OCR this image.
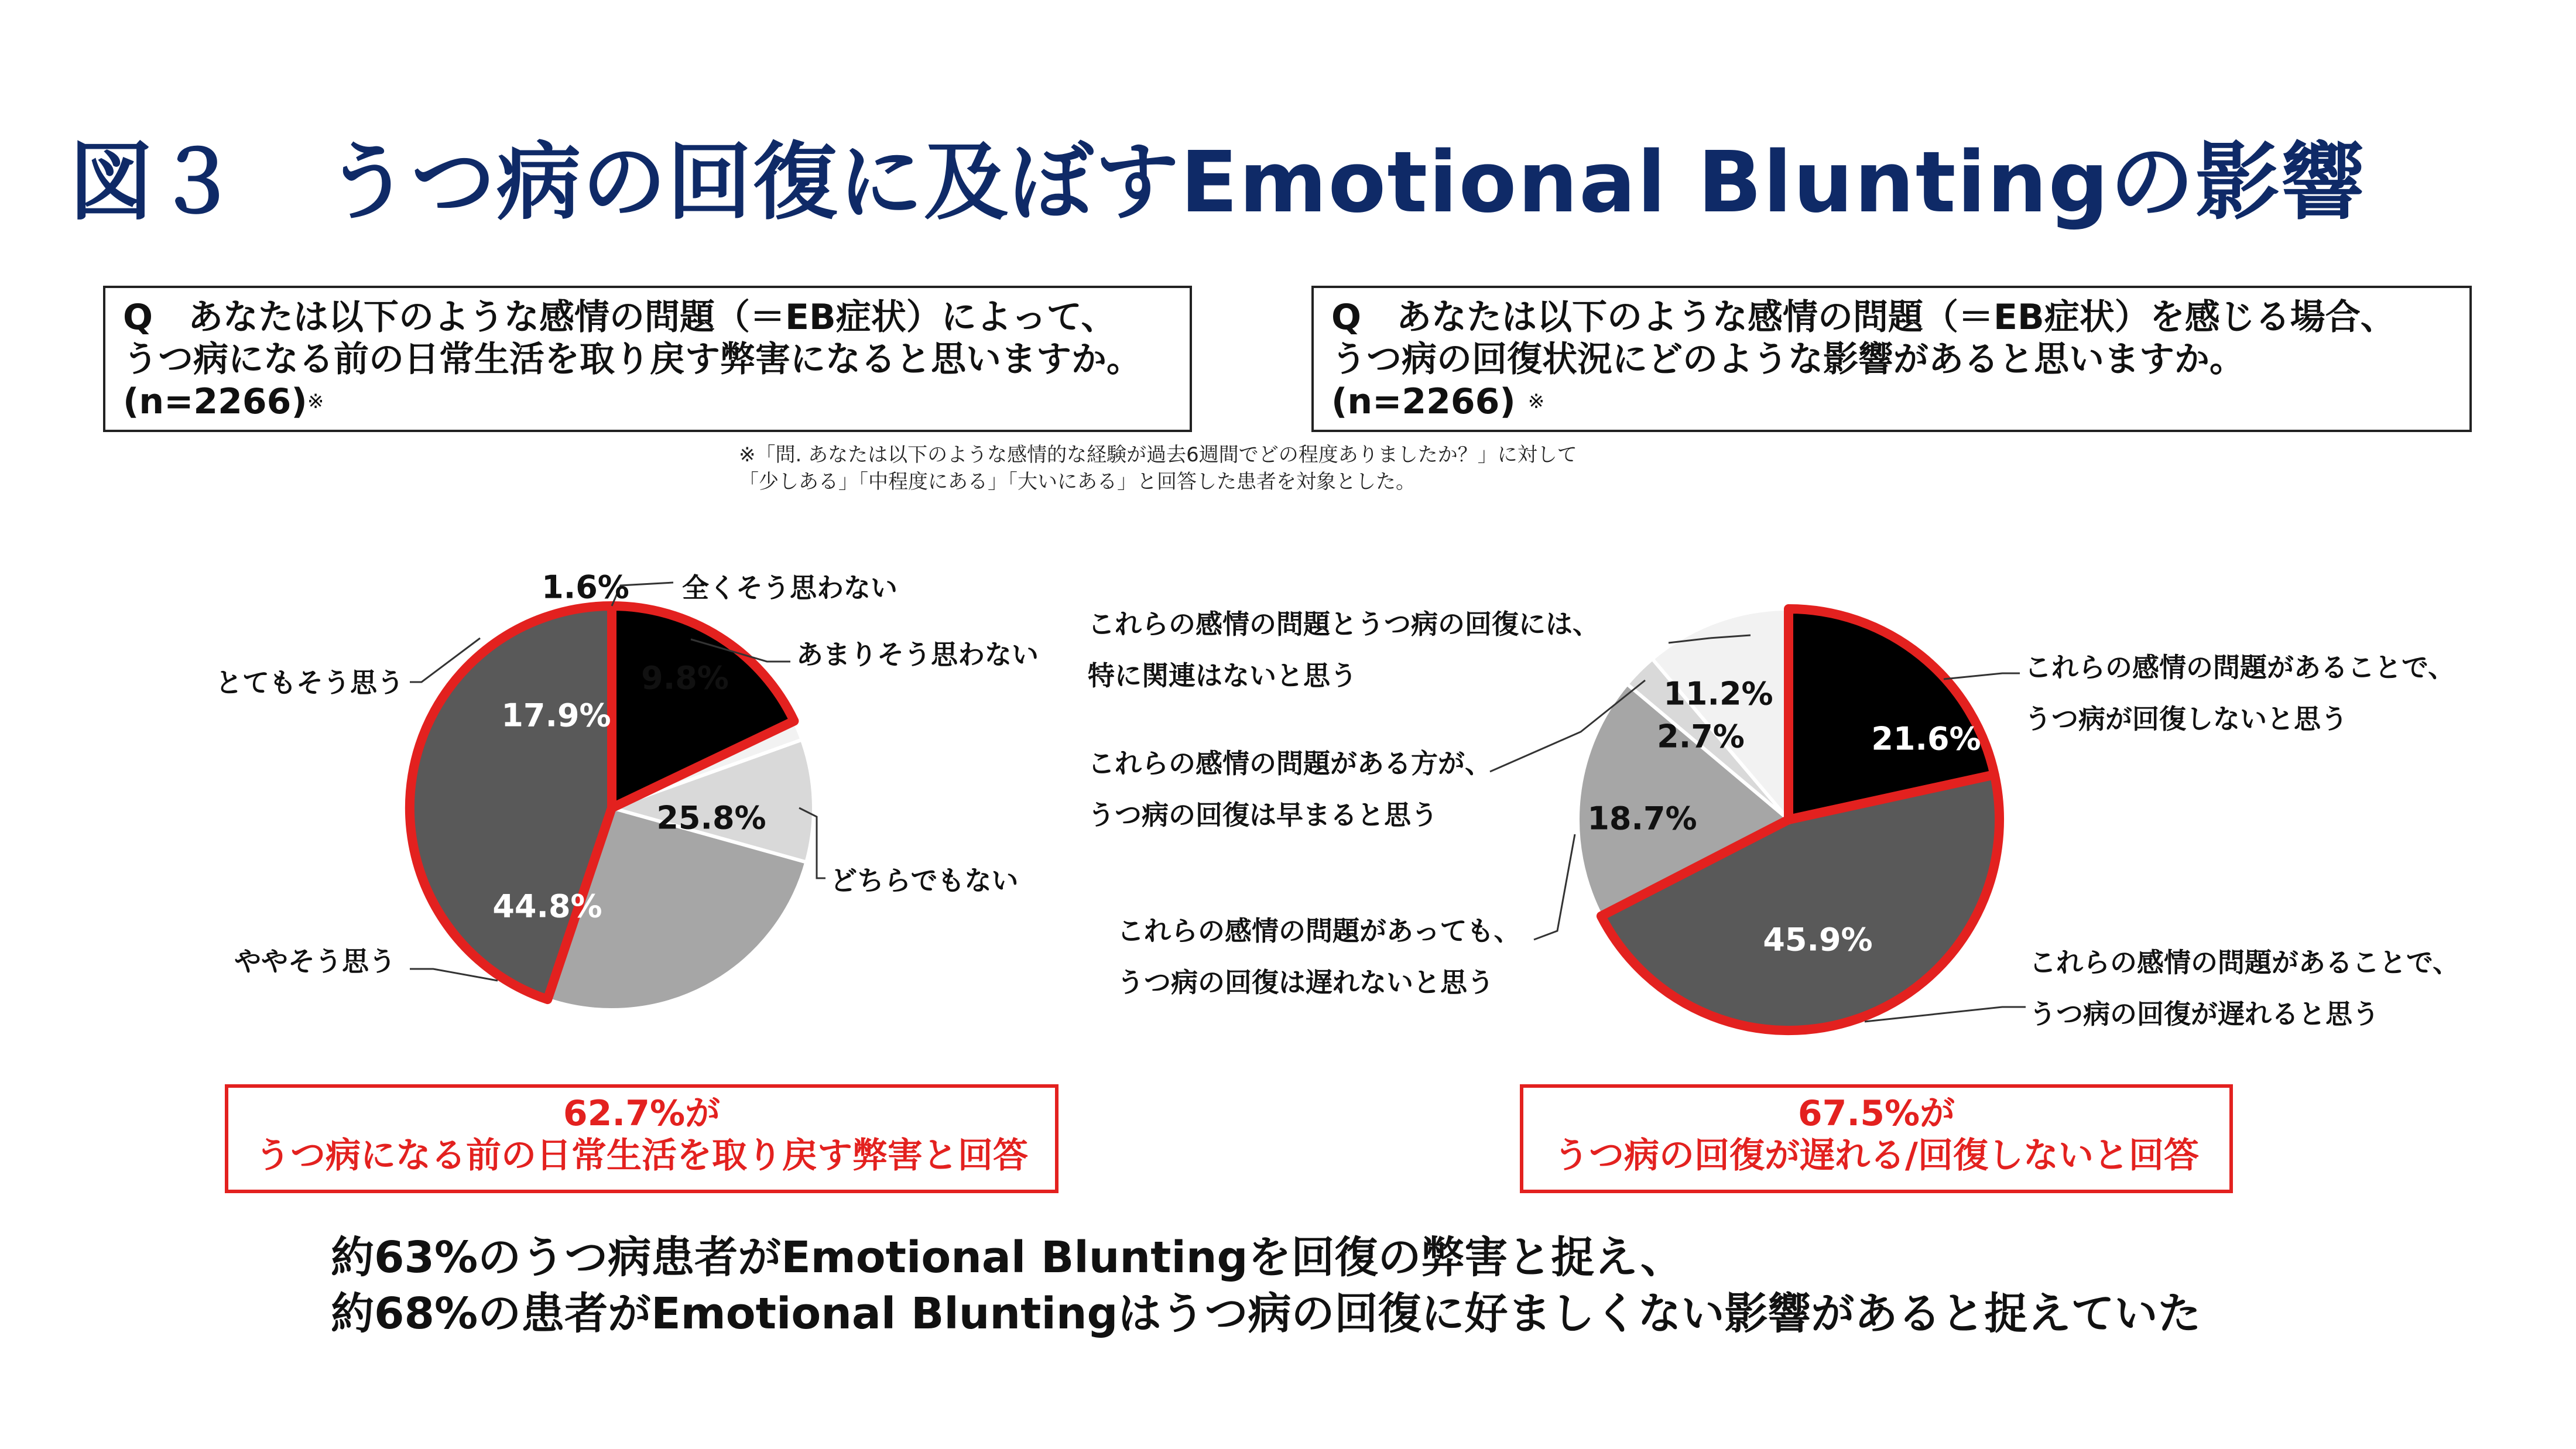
図３　うつ病の回復に及ぼすEmotional Bluntingの影響
Q　あなたは以下のような感情の問題（＝EB症状）によって、
うつ病になる前の日常生活を取り戻す弊害になると思いますか。
(n=2266)※
Q　あなたは以下のような感情の問題（＝EB症状）を感じる場合、
うつ病の回復状況にどのような影響があると思いますか。
(n=2266) ※
※「問. あなたは以下のような感情的な経験が過去6週間でどの程度ありましたか？」に対して
「少しある」「中程度にある」「大いにある」と回答した患者を対象とした。
全くそう思わない
あまりそう思わない
とてもそう思う
どちらでもない
ややそう思う
これらの感情の問題とうつ病の回復には、
特に関連はないと思う
これらの感情の問題がある方が、
うつ病の回復は早まると思う
これらの感情の問題があっても、
うつ病の回復は遅れないと思う
これらの感情の問題があることで、
うつ病が回復しないと思う
これらの感情の問題があることで、
うつ病の回復が遅れると思う
17.9%
1.6%
9.8%
25.8%
44.8%
21.6%
45.9%
18.7%
2.7%
11.2%
62.7%が
うつ病になる前の日常生活を取り戻す弊害と回答
67.5%が
うつ病の回復が遅れる/回復しないと回答
約63%のうつ病患者がEmotional Bluntingを回復の弊害と捉え、
約68%の患者がEmotional Bluntingはうつ病の回復に好ましくない影響があると捉えていた
